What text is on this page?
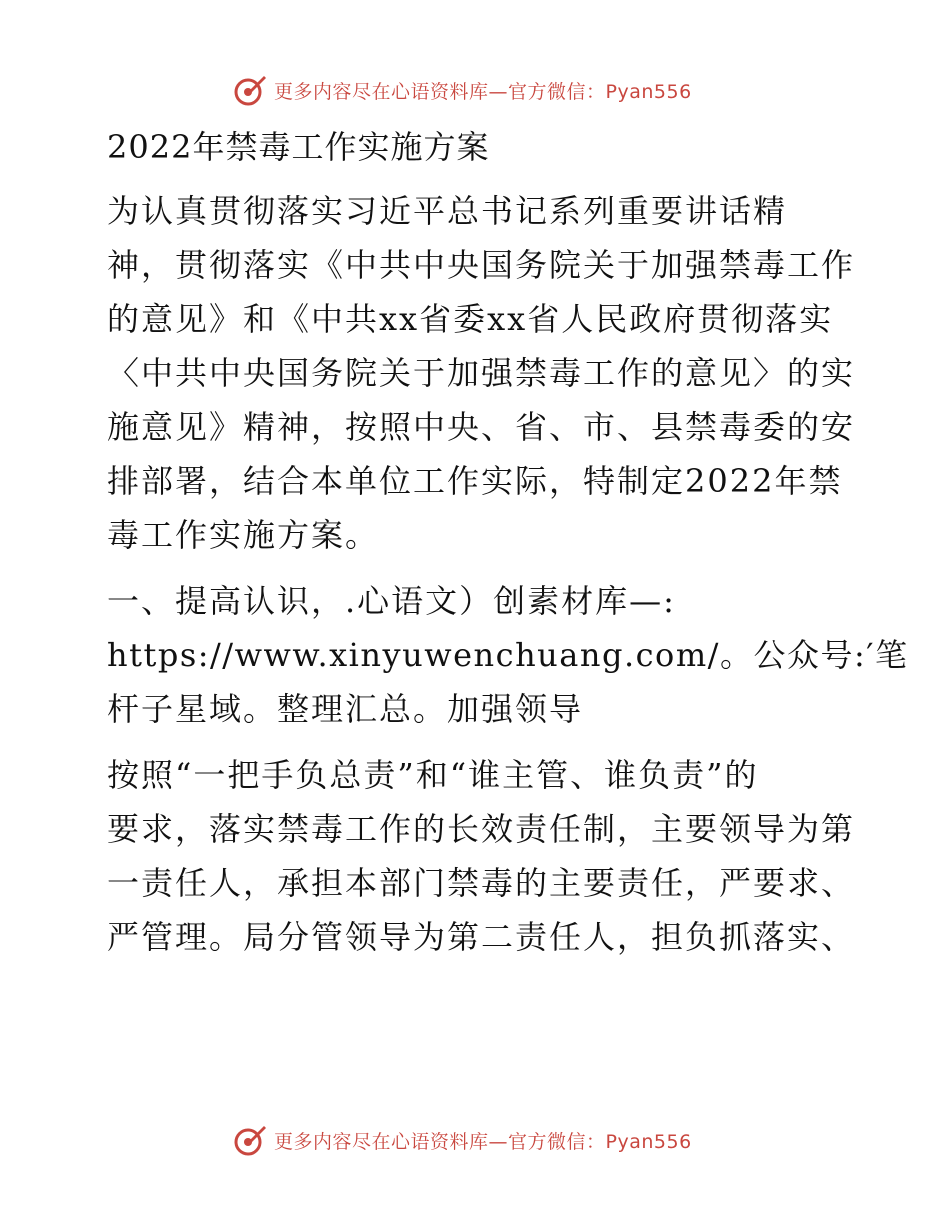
更多内容尽在心语资料库—官方微信：Pyan556
2022年禁毒工作实施方案
为认真贯彻落实习近平总书记系列重要讲话精
神，贯彻落实《中共中央国务院关于加强禁毒工作
的意见》和《中共xx省委xx省人民政府贯彻落实
〈中共中央国务院关于加强禁毒工作的意见〉的实
施意见》精神，按照中央、省、市、县禁毒委的安
排部署，结合本单位工作实际，特制定2022年禁
毒工作实施方案。
一、提高认识，.心语文）创素材库—:
https://www.xinyuwenchuang.com/。公众号:′笔
杆子星域。整理汇总。加强领导
按照“一把手负总责”和“谁主管、谁负责”的
要求，落实禁毒工作的长效责任制，主要领导为第
一责任人，承担本部门禁毒的主要责任，严要求、
严管理。局分管领导为第二责任人，担负抓落实、
更多内容尽在心语资料库—官方微信：Pyan556
